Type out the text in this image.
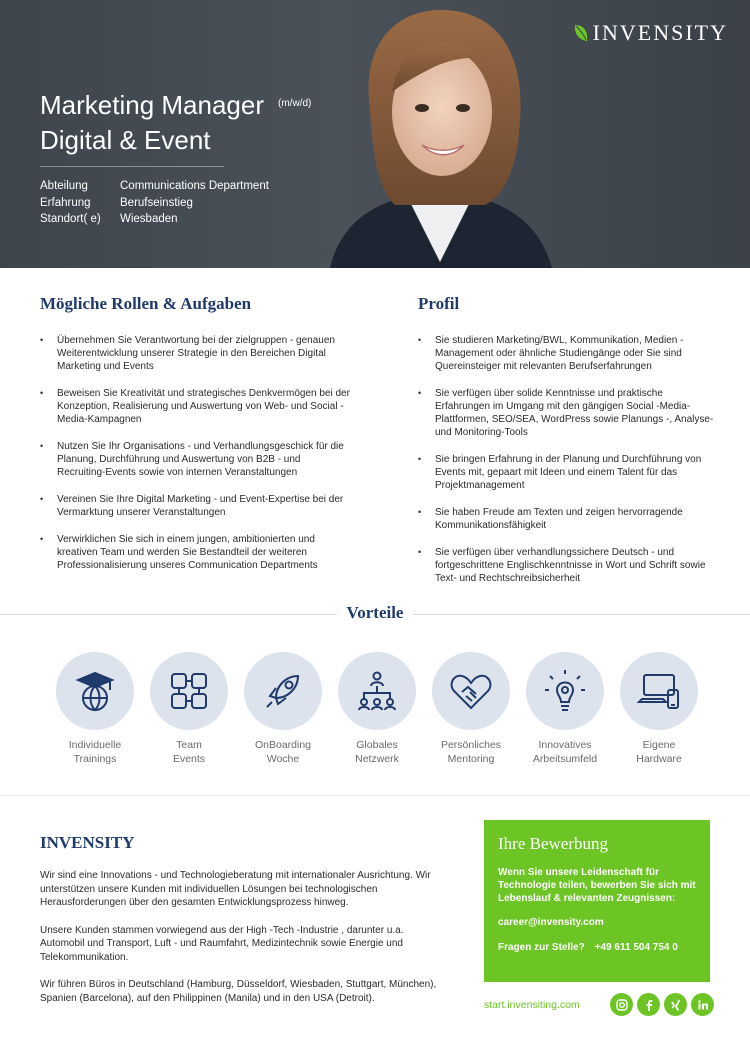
INVENSITY
Marketing Manager $^{(m/w/d)}$
Digital & Event
Abteilung	Communications Department
Erfahrung	Berufseinstieg
Standort( e)	Wiesbaden
Mögliche Rollen & Aufgaben
• Übernehmen Sie Verantwortung bei der zielgruppen - genauen Weiterentwicklung unserer Strategie in den Bereichen Digital Marketing und Events
• Beweisen Sie Kreativität und strategisches Denkvermögen bei der Konzeption, Realisierung und Auswertung von Web- und Social -Media-Kampagnen
• Nutzen Sie Ihr Organisations - und Verhandlungsgeschick für die Planung, Durchführung und Auswertung von B2B - und Recruiting-Events sowie von internen Veranstaltungen
• Vereinen Sie Ihre Digital Marketing - und Event-Expertise bei der Vermarktung unserer Veranstaltungen
• Verwirklichen Sie sich in einem jungen, ambitionierten und kreativen Team und werden Sie Bestandteil der weiteren Professionalisierung unseres Communication Departments
Profil
• Sie studieren Marketing/BWL, Kommunikation, Medien - Management oder ähnliche Studiengänge oder Sie sind Quereinsteiger mit relevanten Berufserfahrungen
• Sie verfügen über solide Kenntnisse und praktische Erfahrungen im Umgang mit den gängigen Social -Media-Plattformen, SEO/SEA, WordPress sowie Planungs -, Analyse- und Monitoring-Tools
• Sie bringen Erfahrung in der Planung und Durchführung von Events mit, gepaart mit Ideen und einem Talent für das Projektmanagement
• Sie haben Freude am Texten und zeigen hervorragende Kommunikationsfähigkeit
• Sie verfügen über verhandlungssichere Deutsch - und fortgeschrittene Englischkenntnisse in Wort und Schrift sowie Text- und Rechtschreibsicherheit
Vorteile
Individuelle
Trainings
Team
Events
OnBoarding
Woche
Globales
Netzwerk
Persönliches
Mentoring
Innovatives
Arbeitsumfeld
Eigene
Hardware
INVENSITY

Wir sind eine Innovations - und Technologieberatung mit internationaler Ausrichtung. Wir unterstützen unsere Kunden mit individuellen Lösungen bei technologischen Herausforderungen über den gesamten Entwicklungsprozess hinweg.

Unsere Kunden stammen vorwiegend aus der High -Tech -Industrie , darunter u.a. Automobil und Transport, Luft - und Raumfahrt, Medizintechnik sowie Energie und Telekommunikation.

Wir führen Büros in Deutschland (Hamburg, Düsseldorf, Wiesbaden, Stuttgart, München), Spanien (Barcelona), auf den Philippinen (Manila) und in den USA (Detroit).

Ihre Bewerbung
Wenn Sie unsere Leidenschaft für Technologie teilen, bewerben Sie sich mit Lebenslauf & relevanten Zeugnissen:
career@invensity.com
Fragen zur Stelle? +49 611 504 754 0
start.invensiting.com
